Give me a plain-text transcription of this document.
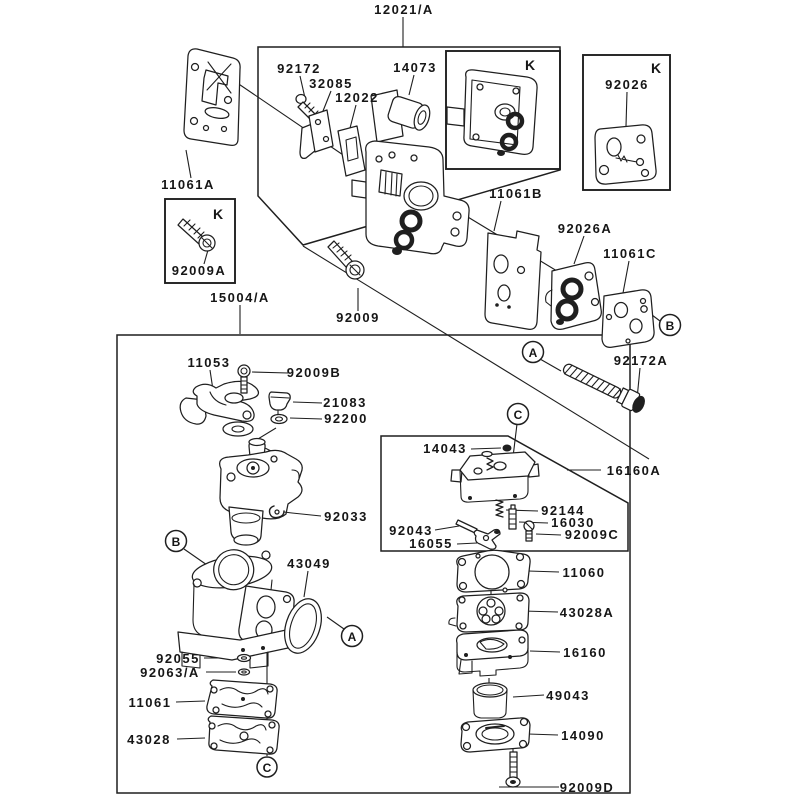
B
A
C
B
A
C
12021/A
92172
32085
12022
14073	K
92026
K
11061A
K
92009A
15004/A
92009
11061B
92026A
11061C
92172A
11053
92009B
21083
92200
14043
16160A
92033	92144
16030
92043	92009C
16055
43049
11060
43028A
16160
49043
14090
92009D
92055
92063/A
11061
43028
